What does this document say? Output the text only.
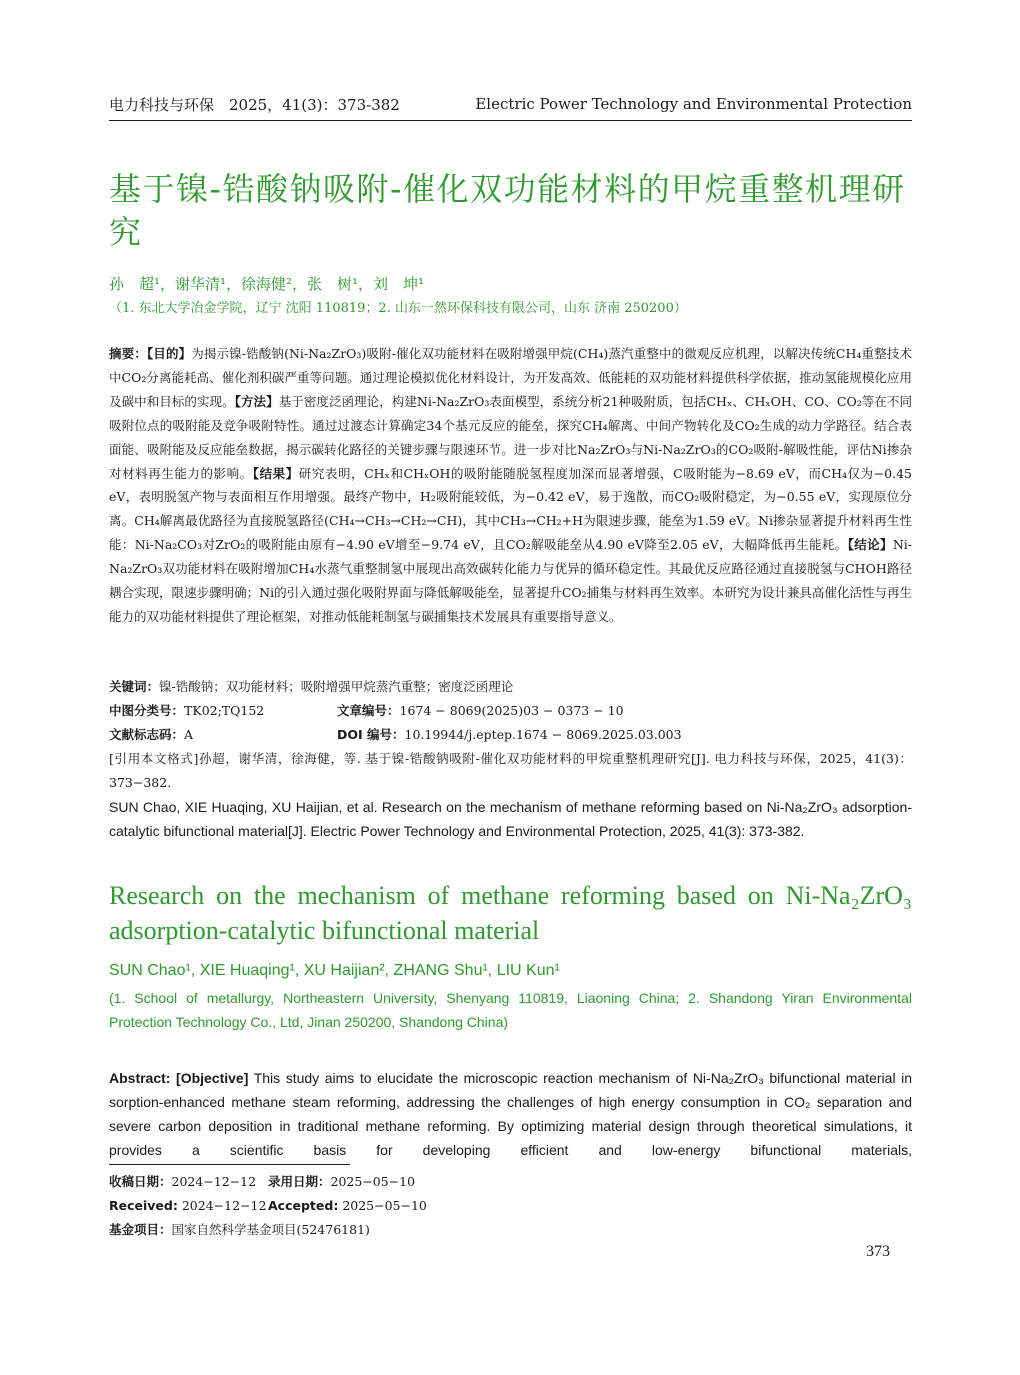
电力科技与环保　2025，41(3)：373-382	Electric Power Technology and Environmental Protection
基于镍-锆酸钠吸附-催化双功能材料的甲烷重整机理研究
孙　超¹，谢华清¹，徐海健²，张　树¹，刘　坤¹
（1. 东北大学冶金学院，辽宁 沈阳 110819；2. 山东一然环保科技有限公司，山东 济南 250200）
摘要：【目的】为揭示镍-锆酸钠(Ni-Na₂ZrO₃)吸附-催化双功能材料在吸附增强甲烷(CH₄)蒸汽重整中的微观反应机理，以解决传统CH₄重整技术中CO₂分离能耗高、催化剂积碳严重等问题。通过理论模拟优化材料设计，为开发高效、低能耗的双功能材料提供科学依据，推动氢能规模化应用及碳中和目标的实现。【方法】基于密度泛函理论，构建Ni-Na₂ZrO₃表面模型，系统分析21种吸附质，包括CHₓ、CHₓOH、CO、CO₂等在不同吸附位点的吸附能及竞争吸附特性。通过过渡态计算确定34个基元反应的能垒，探究CH₄解离、中间产物转化及CO₂生成的动力学路径。结合表面能、吸附能及反应能垒数据，揭示碳转化路径的关键步骤与限速环节。进一步对比Na₂ZrO₃与Ni-Na₂ZrO₃的CO₂吸附-解吸性能，评估Ni掺杂对材料再生能力的影响。【结果】研究表明，CHₓ和CHₓOH的吸附能随脱氢程度加深而显著增强，C吸附能为−8.69 eV，而CH₄仅为−0.45 eV，表明脱氢产物与表面相互作用增强。最终产物中，H₂吸附能较低，为−0.42 eV，易于逸散，而CO₂吸附稳定，为−0.55 eV，实现原位分离。CH₄解离最优路径为直接脱氢路径(CH₄→CH₃→CH₂→CH)，其中CH₃→CH₂+H为限速步骤，能垒为1.59 eV。Ni掺杂显著提升材料再生性能：Ni-Na₂CO₃对ZrO₂的吸附能由原有−4.90 eV增至−9.74 eV，且CO₂解吸能垒从4.90 eV降至2.05 eV，大幅降低再生能耗。【结论】Ni-Na₂ZrO₃双功能材料在吸附增加CH₄水蒸气重整制氢中展现出高效碳转化能力与优异的循环稳定性。其最优反应路径通过直接脱氢与CHOH路径耦合实现，限速步骤明确；Ni的引入通过强化吸附界面与降低解吸能垒，显著提升CO₂捕集与材料再生效率。本研究为设计兼具高催化活性与再生能力的双功能材料提供了理论框架，对推动低能耗制氢与碳捕集技术发展具有重要指导意义。
关键词：镍-锆酸钠；双功能材料；吸附增强甲烷蒸汽重整；密度泛函理论
中图分类号：TK02;TQ152	文章编号：1674 − 8069(2025)03 − 0373 − 10
文献标志码：A	DOI 编号：10.19944/j.eptep.1674 − 8069.2025.03.003
[引用本文格式]孙超，谢华清，徐海健，等. 基于镍-锆酸钠吸附-催化双功能材料的甲烷重整机理研究[J]. 电力科技与环保，2025，41(3)：373−382.
SUN Chao, XIE Huaqing, XU Haijian, et al. Research on the mechanism of methane reforming based on Ni-Na₂ZrO₃ adsorption-catalytic bifunctional material[J]. Electric Power Technology and Environmental Protection, 2025, 41(3): 373-382.
Research on the mechanism of methane reforming based on Ni-Na₂ZrO₃ adsorption-catalytic bifunctional material
SUN Chao¹, XIE Huaqing¹, XU Haijian², ZHANG Shu¹, LIU Kun¹
(1. School of metallurgy, Northeastern University, Shenyang 110819, Liaoning China; 2. Shandong Yiran Environmental Protection Technology Co., Ltd, Jinan 250200, Shandong China)
Abstract: [Objective] This study aims to elucidate the microscopic reaction mechanism of Ni-Na₂ZrO₃ bifunctional material in sorption-enhanced methane steam reforming, addressing the challenges of high energy consumption in CO₂ separation and severe carbon deposition in traditional methane reforming. By optimizing material design through theoretical simulations, it provides a scientific basis for developing efficient and low-energy bifunctional materials,
收稿日期：2024−12−12 录用日期：2025−05−10
Received: 2024−12−12 Accepted: 2025−05−10
基金项目：国家自然科学基金项目(52476181)
373
